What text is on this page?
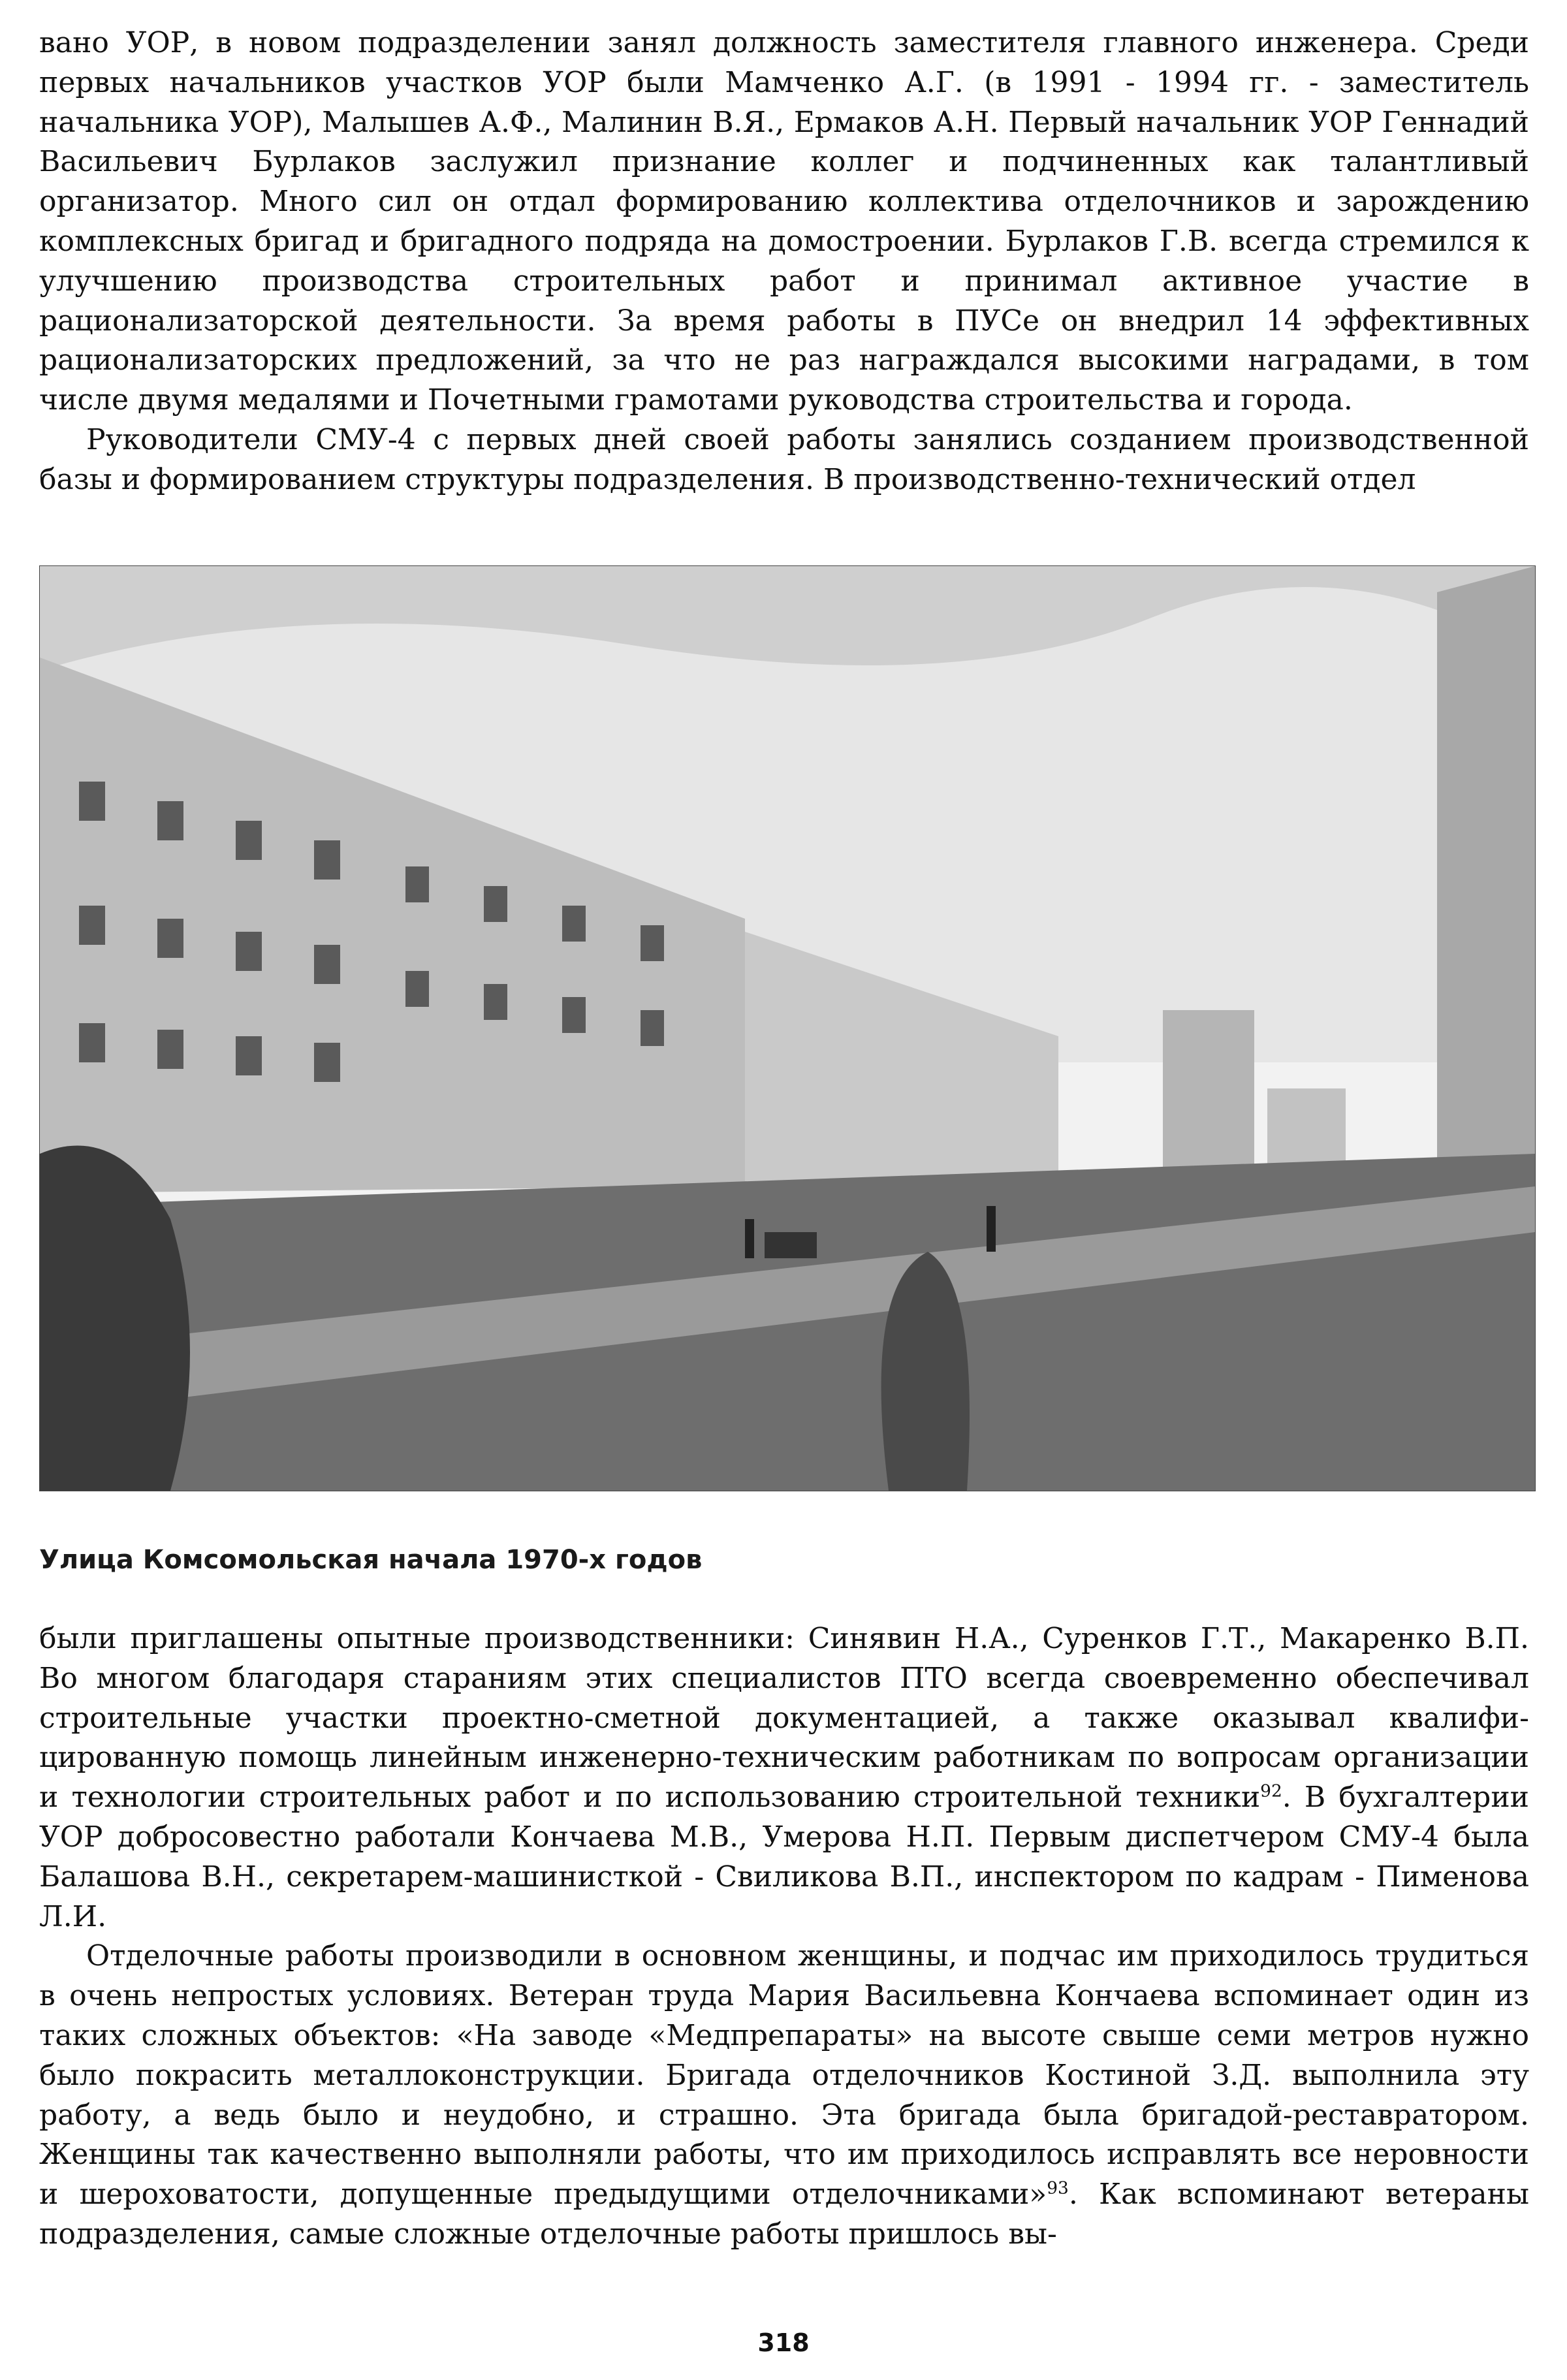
вано УОР, в новом подразделении занял должность заместителя главного инженера. Среди первых начальников участков УОР были Мамченко А.Г. (в 1991 - 1994 гг. - заместитель начальника УОР), Малышев А.Ф., Малинин В.Я., Ермаков А.Н. Первый начальник УОР Геннадий Васильевич Бурлаков заслужил признание коллег и подчиненных как талантливый организатор. Много сил он отдал формированию коллектива отделочников и зарождению комплексных бригад и бригадного подряда на домостроении. Бурлаков Г.В. всегда стремился к улучшению производства строительных работ и принимал активное участие в рационализаторской деятельности. За время работы в ПУСе он внедрил 14 эффективных рационализаторских предложений, за что не раз награждался высокими наградами, в том числе двумя медалями и Почетными грамотами руководства строительства и города.

Руководители СМУ-4 с первых дней своей работы занялись созданием производственной базы и формированием структуры подразделения. В производственно-технический отдел

Улица Комсомольская начала 1970-х годов

были приглашены опытные производственники: Синявин Н.А., Суренков Г.Т., Макаренко В.П. Во многом благодаря стараниям этих специалистов ПТО всегда своевременно обеспечивал строительные участки проектно-сметной документацией, а также оказывал квалифицированную помощь линейным инженерно-техническим работникам по вопросам организации и технологии строительных работ и по использованию строительной техники$^{92}$. В бухгалтерии УОР добросовестно работали Кончаева М.В., Умерова Н.П. Первым диспетчером СМУ-4 была Балашова В.Н., секретарем-машинисткой - Свиликова В.П., инспектором по кадрам - Пименова Л.И.

Отделочные работы производили в основном женщины, и подчас им приходилось трудиться в очень непростых условиях. Ветеран труда Мария Васильевна Кончаева вспоминает один из таких сложных объектов: «На заводе «Медпрепараты» на высоте свыше семи метров нужно было покрасить металлоконструкции. Бригада отделочников Костиной З.Д. выполнила эту работу, а ведь было и неудобно, и страшно. Эта бригада была бригадой-реставратором. Женщины так качественно выполняли работы, что им приходилось исправлять все неровности и шероховатости, допущенные предыдущими отделочниками»$^{93}$. Как вспоминают ветераны подразделения, самые сложные отделочные работы пришлось вы-

318
